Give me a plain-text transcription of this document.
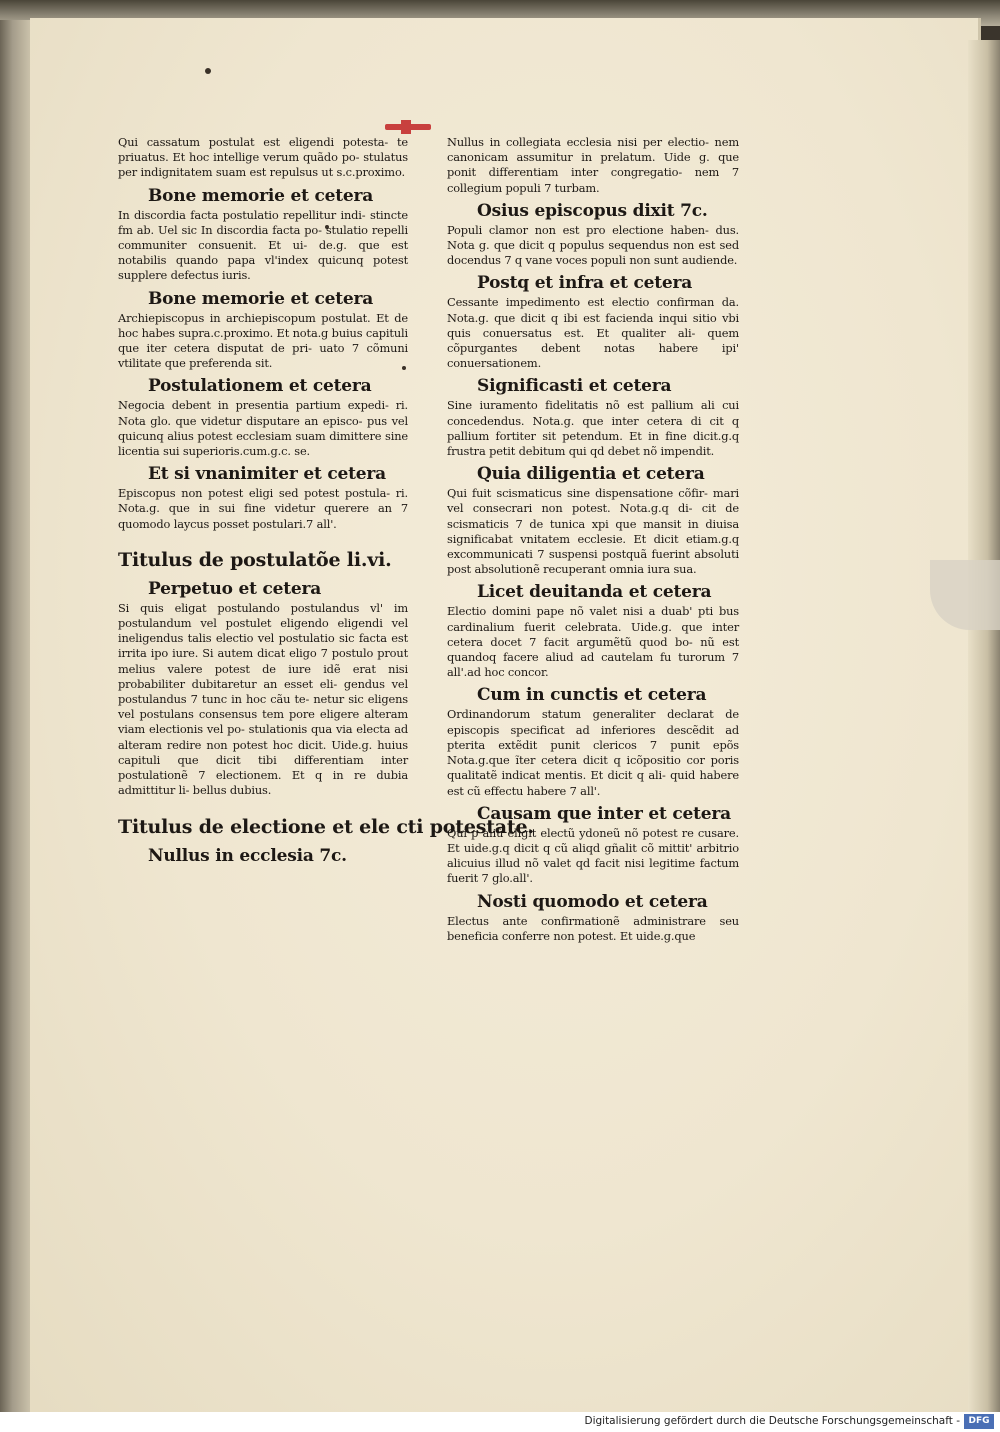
Qui cassatum postulat est eligendi potesta- te priuatus. Et hoc intellige verum quãdo po- stulatus per indignitatem suam est repulsus ut s.c.proximo.
Bone memorie et cetera
In discordia facta postulatio repellitur indi- stincte fm ab. Uel sic In discordia facta po- stulatio repelli communiter consuenit. Et ui- de.g. que est notabilis quando papa vl'index quicunq potest supplere defectus iuris.
Bone memorie et cetera
Archiepiscopus in archiepiscopum postulat. Et de hoc habes supra.c.proximo. Et nota.g buius capituli que iter cetera disputat de pri- uato 7 cõmuni vtilitate que preferenda sit.
Postulationem et cetera
Negocia debent in presentia partium expedi- ri. Nota glo. que videtur disputare an episco- pus vel quicunq alius potest ecclesiam suam dimittere sine licentia sui superioris.cum.g.c. se.
Et si vnanimiter et cetera
Episcopus non potest eligi sed potest postula- ri. Nota.g. que in sui fine videtur querere an 7 quomodo laycus posset postulari.7 all'.
Titulus de postulatõe li.vi.
Perpetuo et cetera
Si quis eligat postulando postulandus vl' im postulandum vel postulet eligendo eligendi vel ineligendus talis electio vel postulatio sic facta est irrita ipo iure. Si autem dicat eligo 7 postulo prout melius valere potest de iure idẽ erat nisi probabiliter dubitaretur an esset eli- gendus vel postulandus 7 tunc in hoc cãu te- netur sic eligens vel postulans consensus tem pore eligere alteram viam electionis vel po- stulationis qua via electa ad alteram redire non potest hoc dicit. Uide.g. huius capituli que dicit tibi differentiam inter postulationẽ 7 electionem. Et q in re dubia admittitur li- bellus dubius.
Titulus de electione et ele cti potestate.
Nullus in ecclesia 7c.
Nullus in collegiata ecclesia nisi per electio- nem canonicam assumitur in prelatum. Uide g. que ponit differentiam inter congregatio- nem 7 collegium populi 7 turbam.
Osius episcopus dixit 7c.
Populi clamor non est pro electione haben- dus. Nota g. que dicit q populus sequendus non est sed docendus 7 q vane voces populi non sunt audiende.
Postq et infra et cetera
Cessante impedimento est electio confirman da. Nota.g. que dicit q ibi est facienda inqui sitio vbi quis conuersatus est. Et qualiter ali- quem cõpurgantes debent notas habere ipi' conuersationem.
Significasti et cetera
Sine iuramento fidelitatis nõ est pallium ali cui concedendus. Nota.g. que inter cetera di cit q pallium fortiter sit petendum. Et in fine dicit.g.q frustra petit debitum qui qd debet nõ impendit.
Quia diligentia et cetera
Qui fuit scismaticus sine dispensatione cõfir- mari vel consecrari non potest. Nota.g.q di- cit de scismaticis 7 de tunica xpi que mansit in diuisa significabat vnitatem ecclesie. Et dicit etiam.g.q excommunicati 7 suspensi postquã fuerint absoluti post absolutionẽ recuperant omnia iura sua.
Licet deuitanda et cetera
Electio domini pape nõ valet nisi a duab' pti bus cardinalium fuerit celebrata. Uide.g. que inter cetera docet 7 facit argumẽtũ quod bo- nũ est quandoq facere aliud ad cautelam fu turorum 7 all'.ad hoc concor.
Cum in cunctis et cetera
Ordinandorum statum generaliter declarat de episcopis specificat ad inferiores descẽdit ad pterita extẽdit punit clericos 7 punit epõs Nota.g.que ĩter cetera dicit q icõpositio cor poris qualitatẽ indicat mentis. Et dicit q ali- quid habere est cũ effectu habere 7 all'.
Causam que inter et cetera
Qui p aliũ eligit electũ ydoneũ nõ potest re cusare. Et uide.g.q dicit q cũ aliqd gñalit cõ mittit' arbitrio alicuius illud nõ valet qd facit nisi legitime factum fuerit 7 glo.all'.
Nosti quomodo et cetera
Electus ante confirmationẽ administrare seu beneficia conferre non potest. Et uide.g.que
Digitalisierung gefördert durch die Deutsche Forschungsgemeinschaft - DFG
